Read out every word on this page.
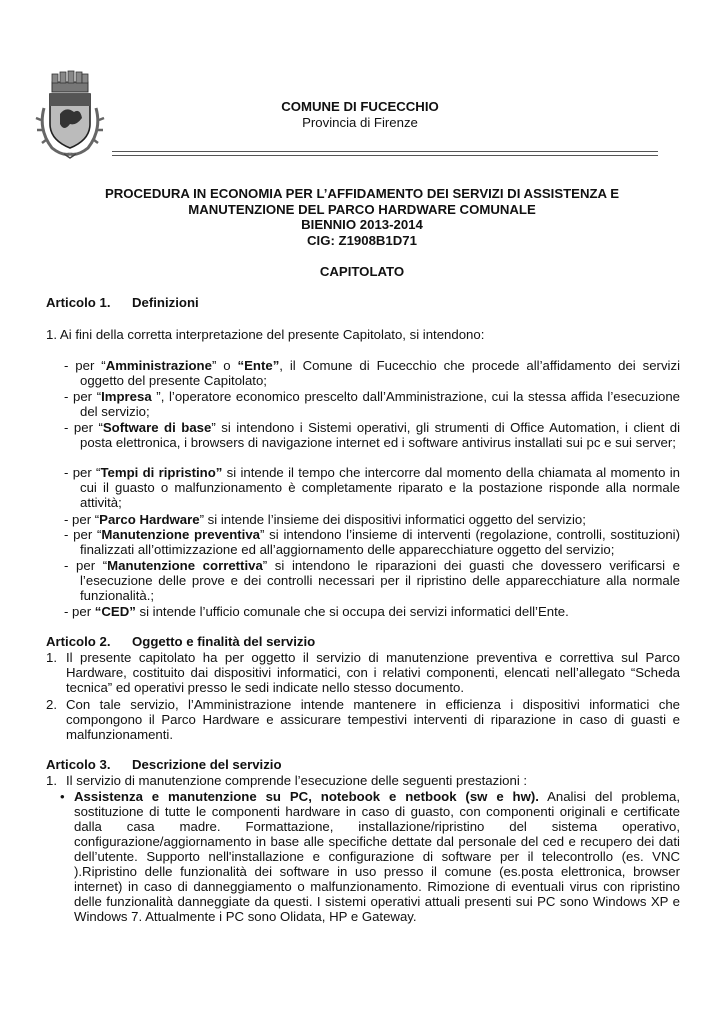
COMUNE DI FUCECCHIO
Provincia di Firenze
PROCEDURA IN ECONOMIA PER L’AFFIDAMENTO DEI SERVIZI DI ASSISTENZA E
MANUTENZIONE DEL PARCO HARDWARE COMUNALE
BIENNIO 2013-2014
CIG: Z1908B1D71
CAPITOLATO
Articolo 1. Definizioni
1. Ai fini della corretta interpretazione del presente Capitolato, si intendono:
- per “Amministrazione” o “Ente”, il Comune di Fucecchio che procede all’affidamento dei servizi oggetto del presente Capitolato;
- per “Impresa ”, l’operatore economico prescelto dall’Amministrazione, cui la stessa affida l’esecuzione del servizio;
- per “Software di base” si intendono i Sistemi operativi, gli strumenti di Office Automation, i client di posta elettronica, i browsers di navigazione internet ed i software antivirus installati sui pc e sui server;
- per “Tempi di ripristino” si intende il tempo che intercorre dal momento della chiamata al momento in cui il guasto o malfunzionamento è completamente riparato e la postazione risponde alla normale attività;
- per “Parco Hardware” si intende l’insieme dei dispositivi informatici oggetto del servizio;
- per “Manutenzione preventiva” si intendono l’insieme di interventi (regolazione, controlli, sostituzioni) finalizzati all’ottimizzazione ed all’aggiornamento delle apparecchiature oggetto del servizio;
- per “Manutenzione correttiva” si intendono le riparazioni dei guasti che dovessero verificarsi e l’esecuzione delle prove e dei controlli necessari per il ripristino delle apparecchiature alla normale funzionalità.;
- per “CED” si intende l’ufficio comunale che si occupa dei servizi informatici dell’Ente.
Articolo 2. Oggetto e finalità del servizio
1. Il presente capitolato ha per oggetto il servizio di manutenzione preventiva e correttiva sul Parco Hardware, costituito dai dispositivi informatici, con i relativi componenti, elencati nell’allegato “Scheda tecnica” ed operativi presso le sedi indicate nello stesso documento.
2. Con tale servizio, l’Amministrazione intende mantenere in efficienza i dispositivi informatici che compongono il Parco Hardware e assicurare tempestivi interventi di riparazione in caso di guasti e malfunzionamenti.
Articolo 3. Descrizione del servizio
1. Il servizio di manutenzione comprende l’esecuzione delle seguenti prestazioni :
• Assistenza e manutenzione su PC, notebook e netbook (sw e hw). Analisi del problema, sostituzione di tutte le componenti hardware in caso di guasto, con componenti originali e certificate dalla casa madre. Formattazione, installazione/ripristino del sistema operativo, configurazione/aggiornamento in base alle specifiche dettate dal personale del ced e recupero dei dati dell’utente. Supporto nell'installazione e configurazione di software per il telecontrollo (es. VNC ).Ripristino delle funzionalità dei software in uso presso il comune (es.posta elettronica, browser internet) in caso di danneggiamento o malfunzionamento. Rimozione di eventuali virus con ripristino delle funzionalità danneggiate da questi. I sistemi operativi attuali presenti sui PC sono Windows XP e Windows 7. Attualmente i PC sono Olidata, HP e Gateway.
